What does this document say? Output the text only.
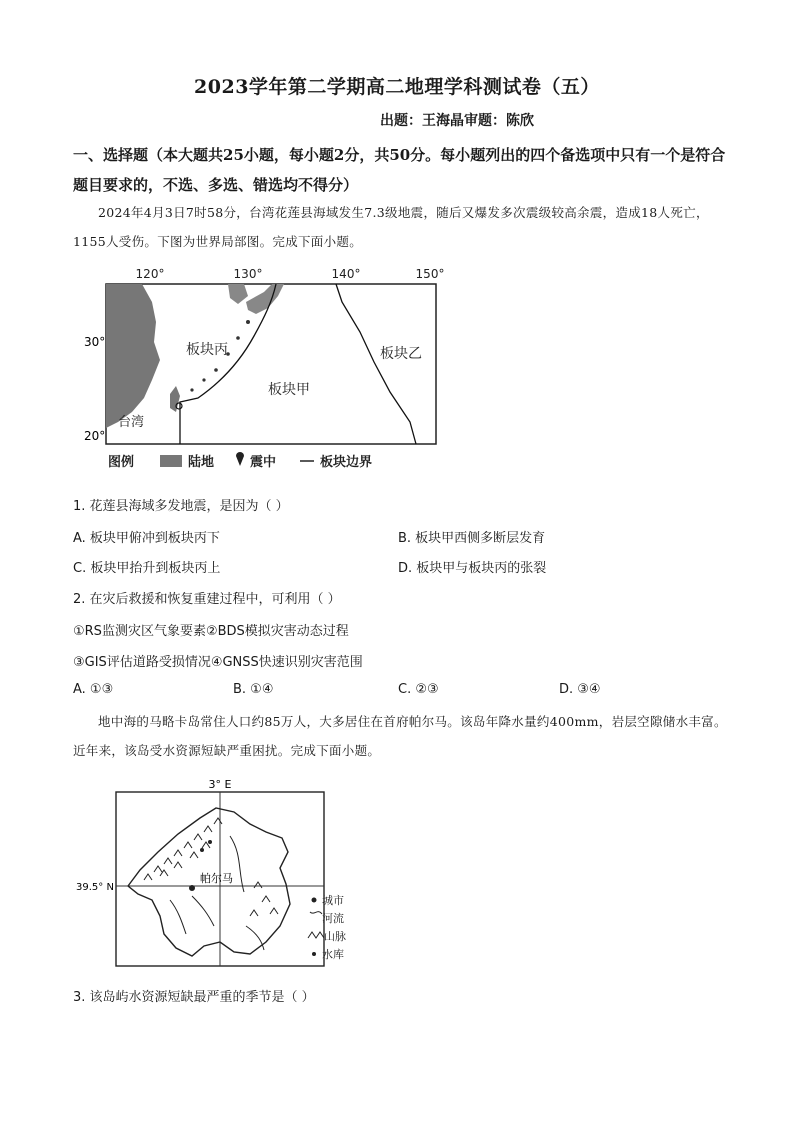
2023学年第二学期高二地理学科测试卷（五）
出题：王海晶审题：陈欣
一、选择题（本大题共25小题，每小题2分，共50分。每小题列出的四个备选项中只有一个是符合题目要求的，不选、多选、错选均不得分）
2024年4月3日7时58分，台湾花莲县海域发生7.3级地震，随后又爆发多次震级较高余震，造成18人死亡，1155人受伤。下图为世界局部图。完成下面小题。
120°	130°	140°	150°
30°
20°
板块丙
板块甲
板块乙
台湾
图例	陆地	震中	板块边界
1. 花莲县海域多发地震，是因为（ ）
A. 板块甲俯冲到板块丙下	B. 板块甲西侧多断层发育
C. 板块甲抬升到板块丙上	D. 板块甲与板块丙的张裂
2. 在灾后救援和恢复重建过程中，可利用（ ）
①RS监测灾区气象要素②BDS模拟灾害动态过程
③GIS评估道路受损情况④GNSS快速识别灾害范围
A. ①③	B. ①④	C. ②③	D. ③④
地中海的马略卡岛常住人口约85万人，大多居住在首府帕尔马。该岛年降水量约400mm，岩层空隙储水丰富。近年来，该岛受水资源短缺严重困扰。完成下面小题。
3° E
39.5° N
帕尔马
城市
河流
山脉
水库
3. 该岛屿水资源短缺最严重的季节是（ ）
